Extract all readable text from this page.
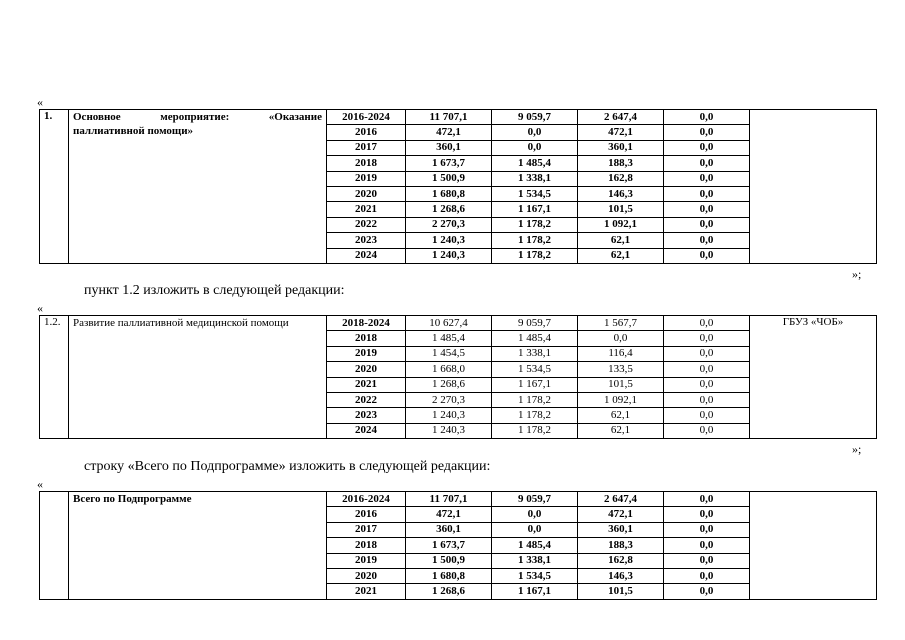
«
1.	Основное мероприятие: «Оказание паллиативной помощи»	2016-2024	11 707,1	9 059,7	2 647,4	0,0	
		2016	472,1	0,0	472,1	0,0	
		2017	360,1	0,0	360,1	0,0	
		2018	1 673,7	1 485,4	188,3	0,0	
		2019	1 500,9	1 338,1	162,8	0,0	
		2020	1 680,8	1 534,5	146,3	0,0	
		2021	1 268,6	1 167,1	101,5	0,0	
		2022	2 270,3	1 178,2	1 092,1	0,0	
		2023	1 240,3	1 178,2	62,1	0,0	
		2024	1 240,3	1 178,2	62,1	0,0	
»;
пункт 1.2 изложить в следующей редакции:
«
1.2.	Развитие паллиативной медицинской помощи	2018-2024	10 627,4	9 059,7	1 567,7	0,0	ГБУЗ «ЧОБ»
		2018	1 485,4	1 485,4	0,0	0,0	
		2019	1 454,5	1 338,1	116,4	0,0	
		2020	1 668,0	1 534,5	133,5	0,0	
		2021	1 268,6	1 167,1	101,5	0,0	
		2022	2 270,3	1 178,2	1 092,1	0,0	
		2023	1 240,3	1 178,2	62,1	0,0	
		2024	1 240,3	1 178,2	62,1	0,0	
»;
строку «Всего по Подпрограмме» изложить в следующей редакции:
«
	Всего по Подпрограмме	2016-2024	11 707,1	9 059,7	2 647,4	0,0	
		2016	472,1	0,0	472,1	0,0	
		2017	360,1	0,0	360,1	0,0	
		2018	1 673,7	1 485,4	188,3	0,0	
		2019	1 500,9	1 338,1	162,8	0,0	
		2020	1 680,8	1 534,5	146,3	0,0	
		2021	1 268,6	1 167,1	101,5	0,0	
